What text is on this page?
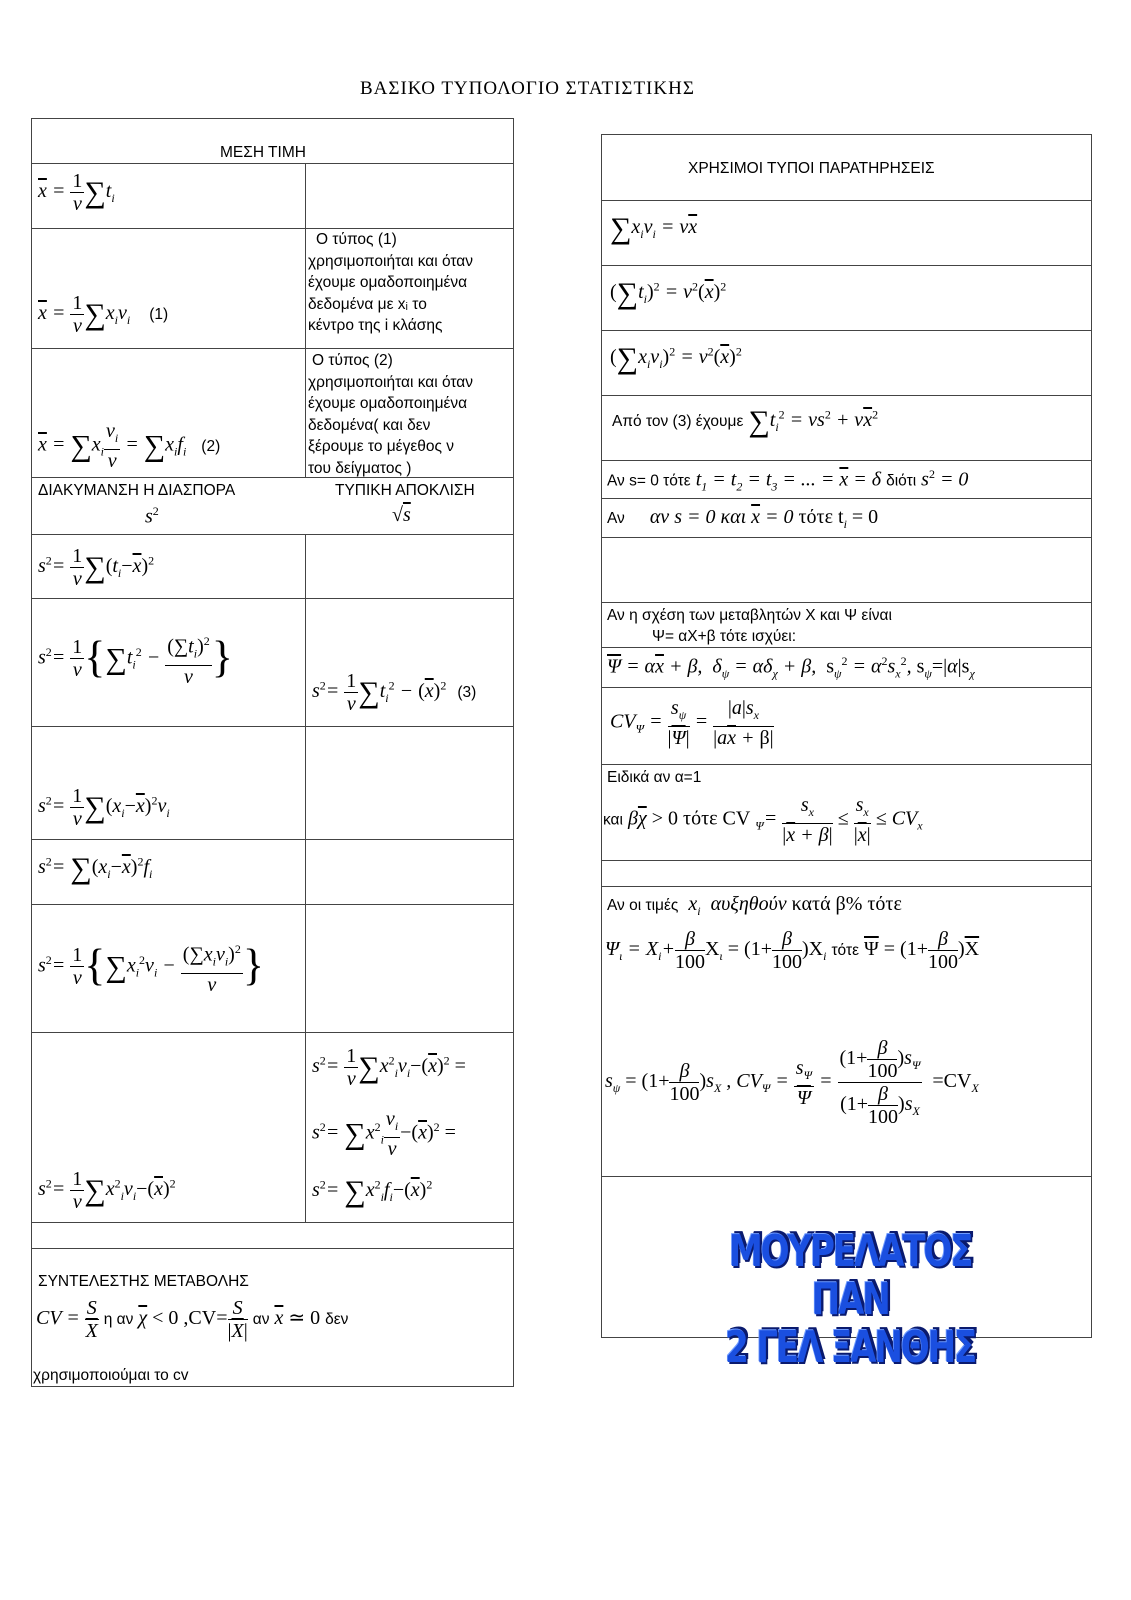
ΒΑΣΙΚΟ ΤΥΠΟΛΟΓΙΟ ΣΤΑΤΙΣΤΙΚΗΣ
ΜΕΣΗ ΤΙΜΗ
$\overline{x} = \frac{1}{\nu} \sum t_i$
$\overline{x} = \frac{1}{\nu} \sum x_i\nu_i$ (1)
Ο τύπος (1)
χρησιμοποιήται και όταν
έχουμε ομαδοποιημένα
δεδομένα με xᵢ το
κέντρο της i κλάσης
$\overline{x} = \sum x_i \frac{\nu_i}{\nu} = \sum x_if_i$ (2)
Ο τύπος (2)
χρησιμοποιήται και όταν
έχουμε ομαδοποιημένα
δεδομένα( και δεν
ξέρουμε το μέγεθος ν
του δείγματος )
ΔΙΑΚΥΜΑΝΣΗ Η ΔΙΑΣΠΟΡΑ	ΤΥΠΙΚΗ ΑΠΟΚΛΙΣΗ
$s^2$	√s
$s^2= \frac{1}{\nu} \sum(t_i-\overline{x})^2$
$s^2= \frac{1}{\nu} \{\sum t_i^2 - \frac{(\sum t_i)^2}{\nu}$ }
$s^2= \frac{1}{\nu} \sum t_i^2 - (\overline{x})^2$ (3)
$s^2= \frac{1}{\nu} \sum(x_i-\overline{x})^2\nu_i$
$s^2= \sum(x_i-\overline{x})^2f_i$
$s^2= \frac{1}{\nu} \{\sum x_i^2\nu_i - \frac{(\sum x_i\nu_i)^2}{\nu}$ }
$s^2= \frac{1}{\nu} \sum x^2_i\nu_i-(\overline{x})^2$ =
$s^2= \sum x^2_i \frac{\nu_i}{\nu} -(\overline{x})^2$ =
$s^2= \sum x^2_if_i-(\overline{x})^2$
$s^2= \frac{1}{\nu} \sum x^2_i\nu_i-(\overline{x})^2$
ΣΥΝΤΕΛΕΣΤΗΣ ΜΕΤΑΒΟΛΗΣ
CV = $\frac{S}{X}$ η αν $\overline{\chi} < 0$ $,CV= \frac{S}{|\overline{X}|}$ αν $\overline{x}$ ≃ 0 δεν
χρησιμοποιούμαι το cv
ΧΡΗΣΙΜΟΙ ΤΥΠΟΙ ΠΑΡΑΤΗΡΗΣΕΙΣ
$\sum x_i\nu_i = \nu\overline{x}$
$(\sum t_i)^2 = \nu^2(\overline{x})^2$
$(\sum x_i\nu_i)^2 = \nu^2(\overline{x})^2$
Από τον (3) έχουμε $\sum t_i^2 = \nu s^2 + \nu\overline{x}^2$
Αν s= 0 τότε $t_1 = t_2 = t_3$ = ... = $\overline{x} = \delta$ διότι $s^2 = 0$
Αν αν s = 0 και $\overline{x} = 0$ τότε $t_i = 0$
Αν η σχέση των μεταβλητών Χ και Ψ είναι
Ψ= αΧ+β τότε ισχύει:
$\overline{\Psi} = \alpha\overline{x} + \beta$,  $\delta_\psi = \alpha\delta_\chi + \beta$,  $s_\psi^2 = \alpha^2s_x^2$, $s_\psi=|\alpha|s_\chi$
$CV_\Psi = \frac{s_\psi}{|\overline{\Psi}|} = \frac{|a|s_x}{|a\overline{x} + \beta|}$
Ειδικά αν α=1
και $\beta\overline{\chi} > 0$ τότε CV $_\Psi= \frac{s_x}{|\overline{x} + \beta|} \le \frac{s_x}{|\overline{x}|} \le CV_x$
Αν οι τιμές  $x_i$ αυξηθούν κατά β% τότε
$\Psi_\iota = X_i+ \frac{\beta}{100} X_\iota = (1+ \frac{\beta}{100} )X_i$ τότε $\overline{\Psi} = (1+ \frac{\beta}{100} )\overline{X}$
$s_\psi = (1+ \frac{\beta}{100} )s_X$ , $CV_\Psi = \frac{s_\Psi}{\Psi} = \frac{(1+ \frac{\beta}{100} )s_\Psi}{(1+ \frac{\beta}{100} )s_X} =CV_X$
ΜΟΥΡΕΛΑΤΟΣ ΠΑΝ
2 ΓΕΛ ΞΑΝΘΗΣ
